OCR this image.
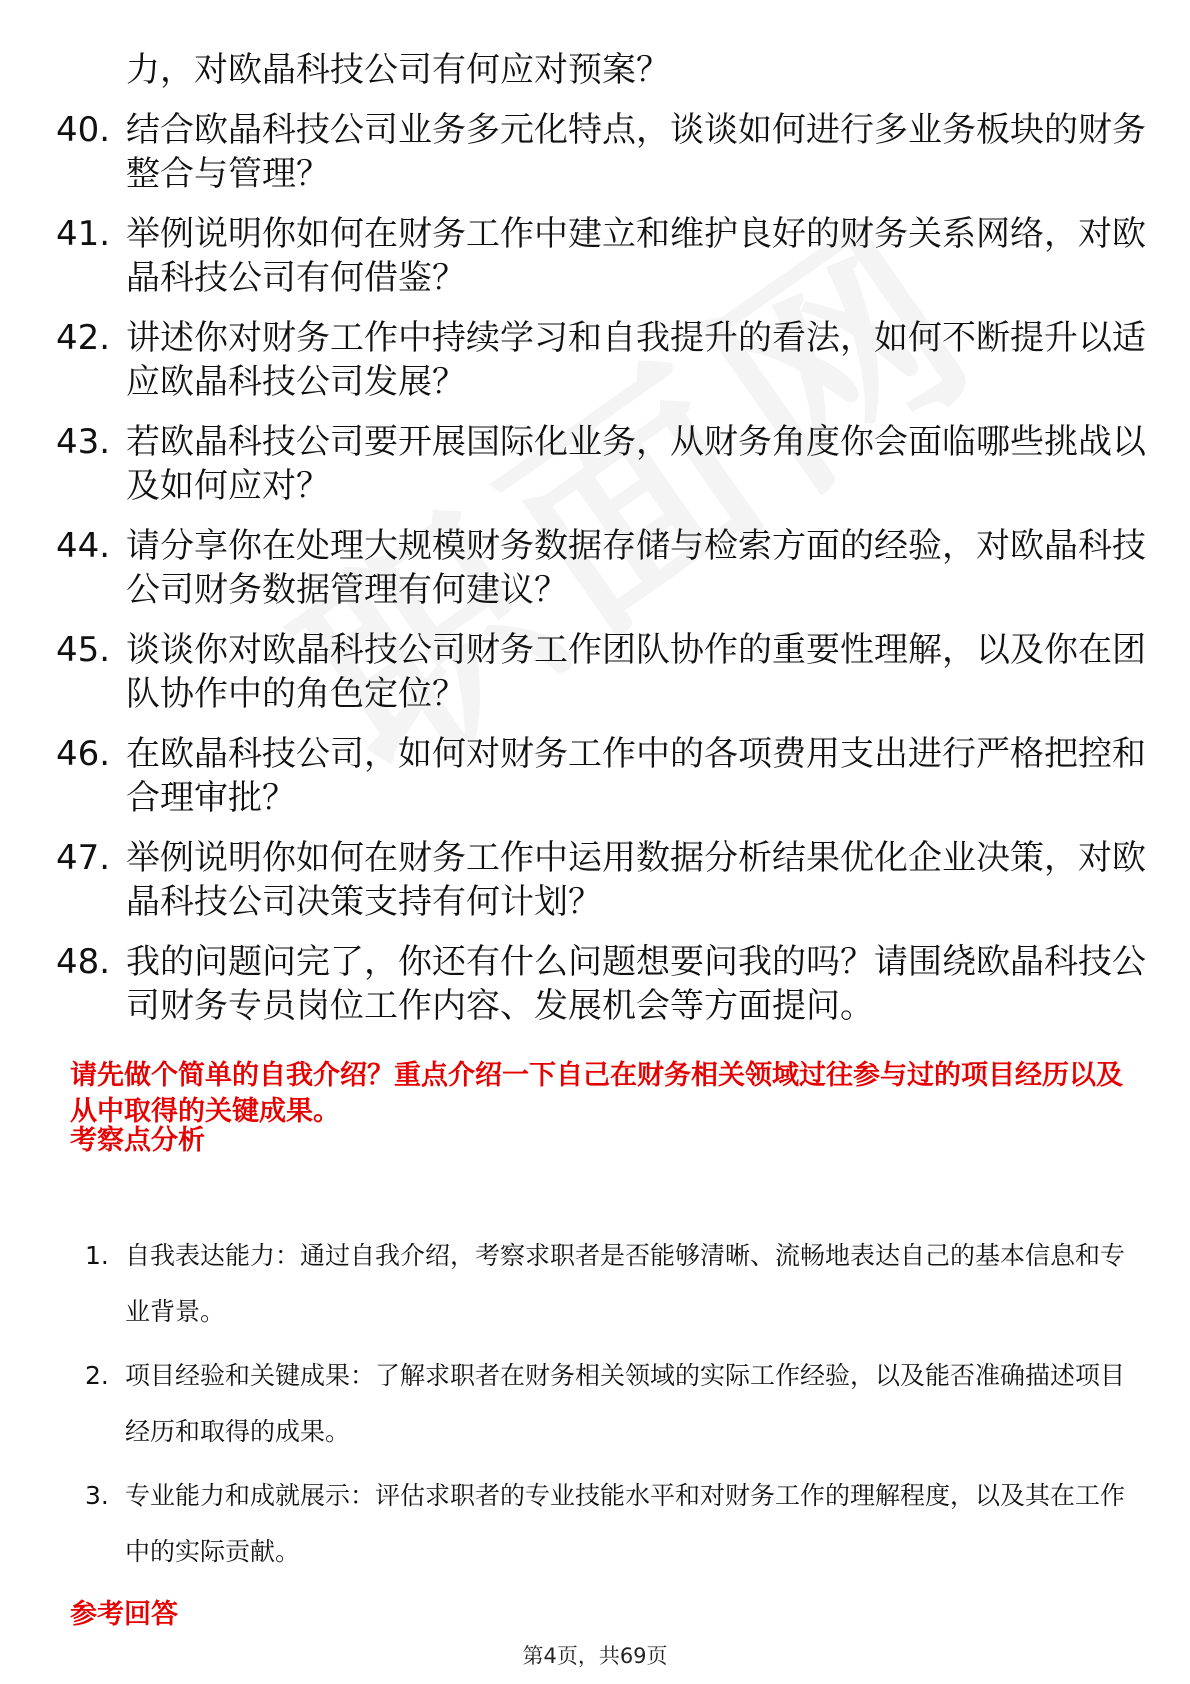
力，对欧晶科技公司有何应对预案？
40. 结合欧晶科技公司业务多元化特点，谈谈如何进行多业务板块的财务整合与管理？
41. 举例说明你如何在财务工作中建立和维护良好的财务关系网络，对欧晶科技公司有何借鉴？
42. 讲述你对财务工作中持续学习和自我提升的看法，如何不断提升以适应欧晶科技公司发展？
43. 若欧晶科技公司要开展国际化业务，从财务角度你会面临哪些挑战以及如何应对？
44. 请分享你在处理大规模财务数据存储与检索方面的经验，对欧晶科技公司财务数据管理有何建议？
45. 谈谈你对欧晶科技公司财务工作团队协作的重要性理解，以及你在团队协作中的角色定位？
46. 在欧晶科技公司，如何对财务工作中的各项费用支出进行严格把控和合理审批？
47. 举例说明你如何在财务工作中运用数据分析结果优化企业决策，对欧晶科技公司决策支持有何计划？
48. 我的问题问完了，你还有什么问题想要问我的吗？请围绕欧晶科技公司财务专员岗位工作内容、发展机会等方面提问。
请先做个简单的自我介绍？重点介绍一下自己在财务相关领域过往参与过的项目经历以及从中取得的关键成果。
考察点分析
1. 自我表达能力：通过自我介绍，考察求职者是否能够清晰、流畅地表达自己的基本信息和专业背景。
2. 项目经验和关键成果：了解求职者在财务相关领域的实际工作经验，以及能否准确描述项目经历和取得的成果。
3. 专业能力和成就展示：评估求职者的专业技能水平和对财务工作的理解程度，以及其在工作中的实际贡献。
参考回答
第4页，共69页
